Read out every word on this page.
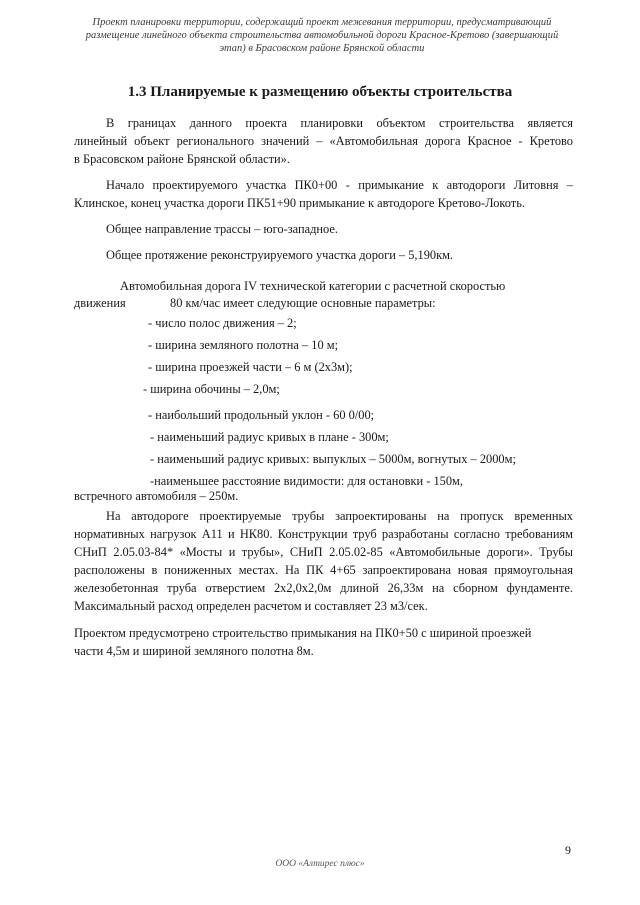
Проект планировки территории, содержащий проект межевания территории, предусматривающий
размещение линейного объекта строительства автомобильной дороги Красное-Кретово (завершающий
этап) в Брасовском районе Брянской области
1.3 Планируемые к размещению объекты строительства
В границах данного проекта планировки объектом строительства является
линейный объект регионального значений – «Автомобильная дорога Красное - Кретово
в Брасовском районе Брянской области».
Начало проектируемого участка ПК0+00 - примыкание к автодороги Литовня –
Клинское, конец участка дороги ПК51+90 примыкание к автодороге Кретово-Локоть.
Общее направление трассы – юго-западное.
Общее протяжение реконструируемого участка дороги – 5,190км.
Автомобильная дорога IV технической категории с расчетной скоростью
движения	80 км/час имеет следующие основные параметры:
- число полос движения – 2;
- ширина земляного полотна – 10 м;
- ширина проезжей части – 6 м (2х3м);
- ширина обочины – 2,0м;
- наибольший продольный уклон - 60 0/00;
- наименьший радиус кривых в плане - 300м;
- наименьший радиус кривых: выпуклых – 5000м, вогнутых – 2000м;
-наименьшее расстояние видимости: для остановки - 150м,
встречного автомобиля – 250м.
На автодороге проектируемые трубы запроектированы на пропуск временных
нормативных нагрузок А11 и НК80. Конструкции труб разработаны согласно требованиям
СНиП 2.05.03-84* «Мосты и трубы», СНиП 2.05.02-85 «Автомобильные дороги». Трубы
расположены в пониженных местах. На ПК 4+65 запроектирована новая прямоугольная
железобетонная труба отверстием 2х2,0х2,0м длиной 26,33м на сборном фундаменте.
Максимальный расход определен расчетом и составляет 23 м3/сек.
Проектом предусмотрено строительство примыкания на ПК0+50 с шириной проезжей
части 4,5м и шириной земляного полотна 8м.
9
ООО «Алтирес плюс»
